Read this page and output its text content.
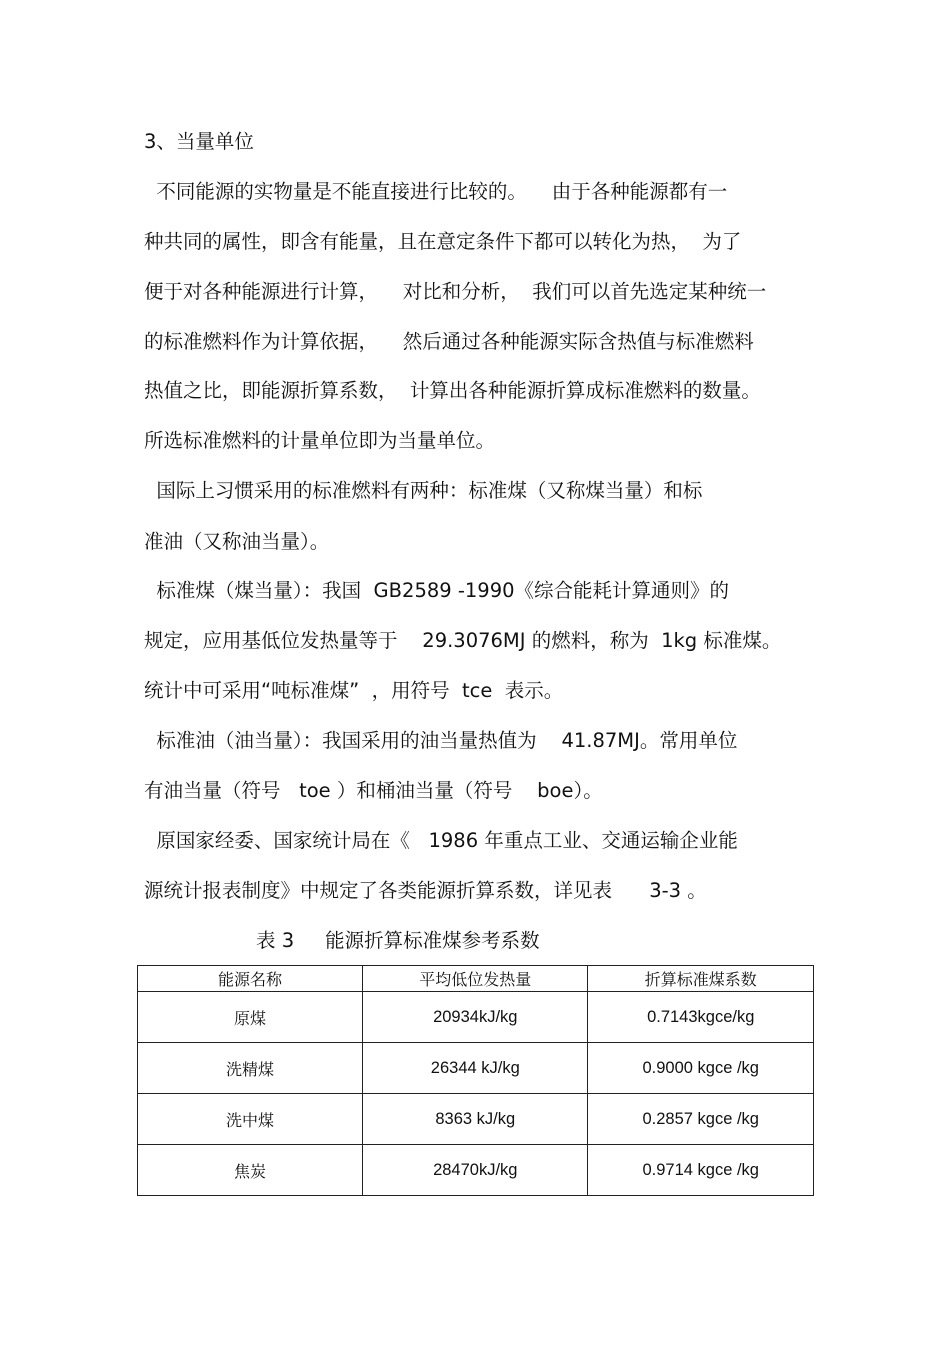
3、当量单位
不同能源的实物量是不能直接进行比较的。    由于各种能源都有一
种共同的属性，即含有能量，且在意定条件下都可以转化为热，  为了
便于对各种能源进行计算，    对比和分析，  我们可以首先选定某种统一
的标准燃料作为计算依据，    然后通过各种能源实际含热值与标准燃料
热值之比，即能源折算系数，  计算出各种能源折算成标准燃料的数量。
所选标准燃料的计量单位即为当量单位。
国际上习惯采用的标准燃料有两种：标准煤（又称煤当量）和标
准油（又称油当量）。
标准煤（煤当量）：我国  GB2589 -1990《综合能耗计算通则》的
规定，应用基低位发热量等于    29.3076MJ 的燃料，称为  1kg 标准煤。
统计中可采用“吨标准煤”  ，用符号  tce  表示。
标准油（油当量）：我国采用的油当量热值为    41.87MJ。常用单位
有油当量（符号   toe ）和桶油当量（符号    boe）。
原国家经委、国家统计局在《   1986 年重点工业、交通运输企业能
源统计报表制度》中规定了各类能源折算系数，详见表      3-3 。
表 3     能源折算标准煤参考系数
能源名称	平均低位发热量	折算标准煤系数
原煤	20934kJ/kg	0.7143kgce/kg
洗精煤	26344 kJ/kg	0.9000 kgce /kg
洗中煤	8363 kJ/kg	0.2857 kgce /kg
焦炭	28470kJ/kg	0.9714 kgce /kg
